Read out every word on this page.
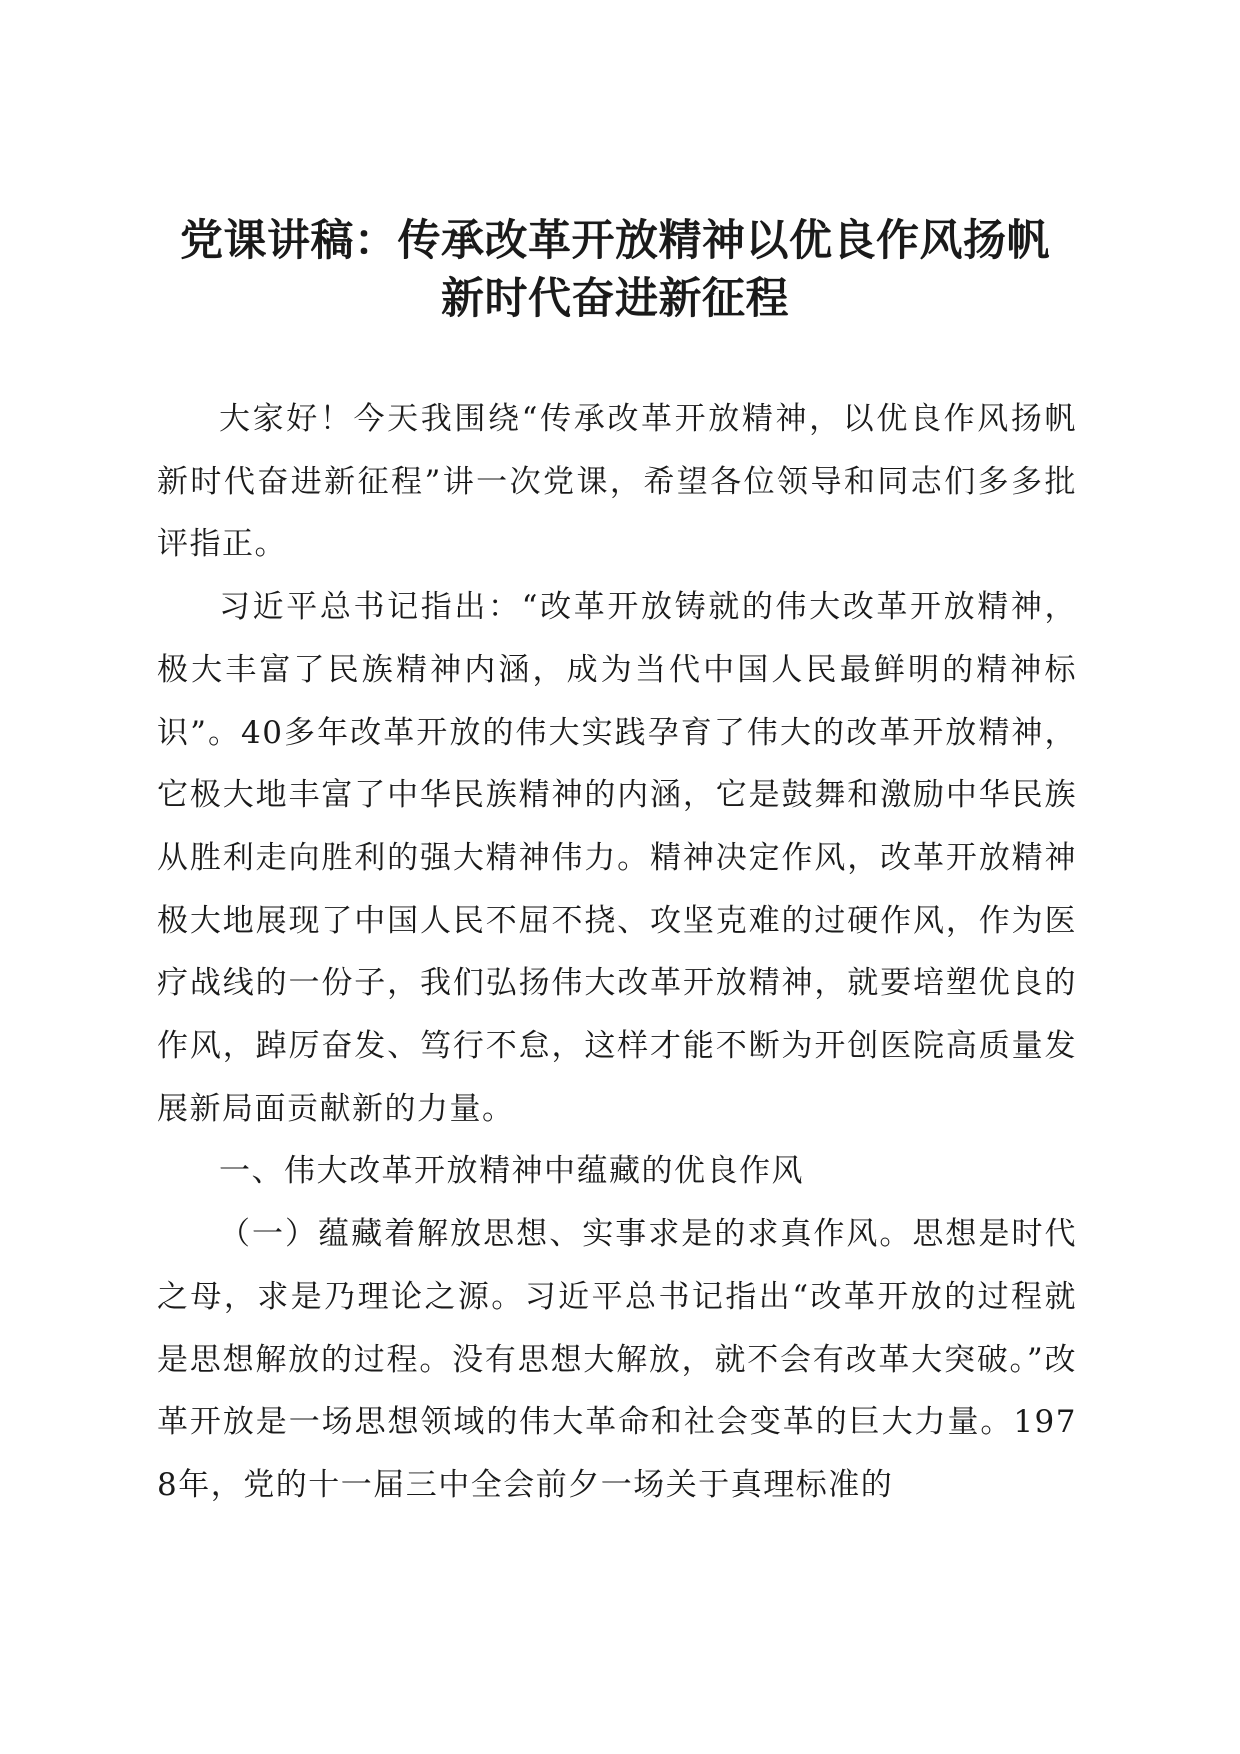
党课讲稿：传承改革开放精神以优良作风扬帆
新时代奋进新征程

大家好！今天我围绕“传承改革开放精神，以优良作风扬帆新时代奋进新征程”讲一次党课，希望各位领导和同志们多多批评指正。

习近平总书记指出：“改革开放铸就的伟大改革开放精神，极大丰富了民族精神内涵，成为当代中国人民最鲜明的精神标识”。40多年改革开放的伟大实践孕育了伟大的改革开放精神，它极大地丰富了中华民族精神的内涵，它是鼓舞和激励中华民族从胜利走向胜利的强大精神伟力。精神决定作风，改革开放精神极大地展现了中国人民不屈不挠、攻坚克难的过硬作风，作为医疗战线的一份子，我们弘扬伟大改革开放精神，就要培塑优良的作风，踔厉奋发、笃行不怠，这样才能不断为开创医院高质量发展新局面贡献新的力量。

一、伟大改革开放精神中蕴藏的优良作风

（一）蕴藏着解放思想、实事求是的求真作风。思想是时代之母，求是乃理论之源。习近平总书记指出“改革开放的过程就是思想解放的过程。没有思想大解放，就不会有改革大突破。”改革开放是一场思想领域的伟大革命和社会变革的巨大力量。1978年，党的十一届三中全会前夕一场关于真理标准的
